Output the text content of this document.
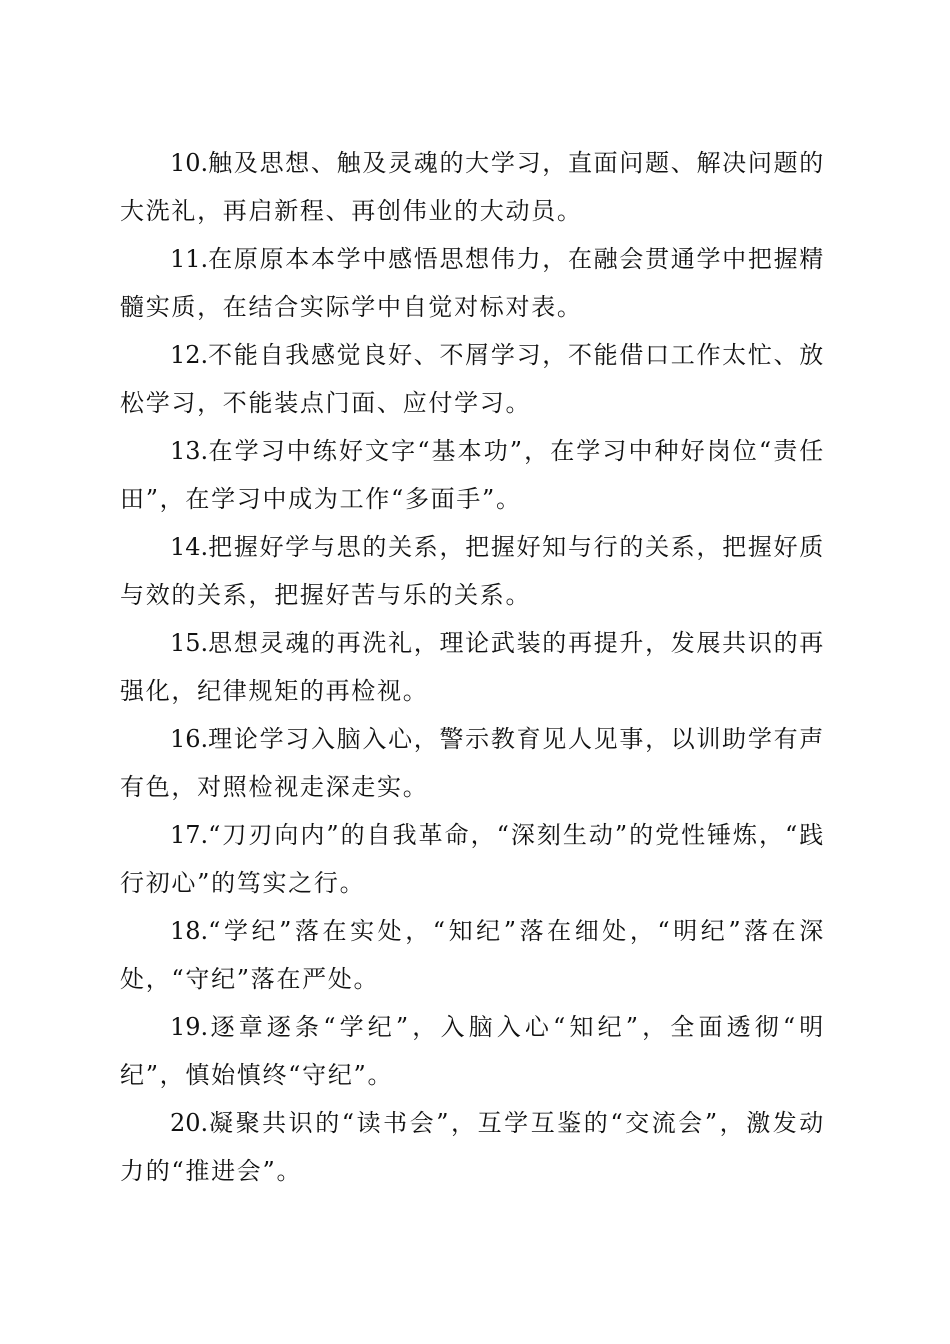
10.触及思想、触及灵魂的大学习，直面问题、解决问题的大洗礼，再启新程、再创伟业的大动员。

11.在原原本本学中感悟思想伟力，在融会贯通学中把握精髓实质，在结合实际学中自觉对标对表。

12.不能自我感觉良好、不屑学习，不能借口工作太忙、放松学习，不能装点门面、应付学习。

13.在学习中练好文字“基本功”，在学习中种好岗位“责任田”，在学习中成为工作“多面手”。

14.把握好学与思的关系，把握好知与行的关系，把握好质与效的关系，把握好苦与乐的关系。

15.思想灵魂的再洗礼，理论武装的再提升，发展共识的再强化，纪律规矩的再检视。

16.理论学习入脑入心，警示教育见人见事，以训助学有声有色，对照检视走深走实。

17.“刀刃向内”的自我革命，“深刻生动”的党性锤炼，“践行初心”的笃实之行。

18.“学纪”落在实处，“知纪”落在细处，“明纪”落在深处，“守纪”落在严处。

19.逐章逐条“学纪”，入脑入心“知纪”，全面透彻“明纪”，慎始慎终“守纪”。

20.凝聚共识的“读书会”，互学互鉴的“交流会”，激发动力的“推进会”。
